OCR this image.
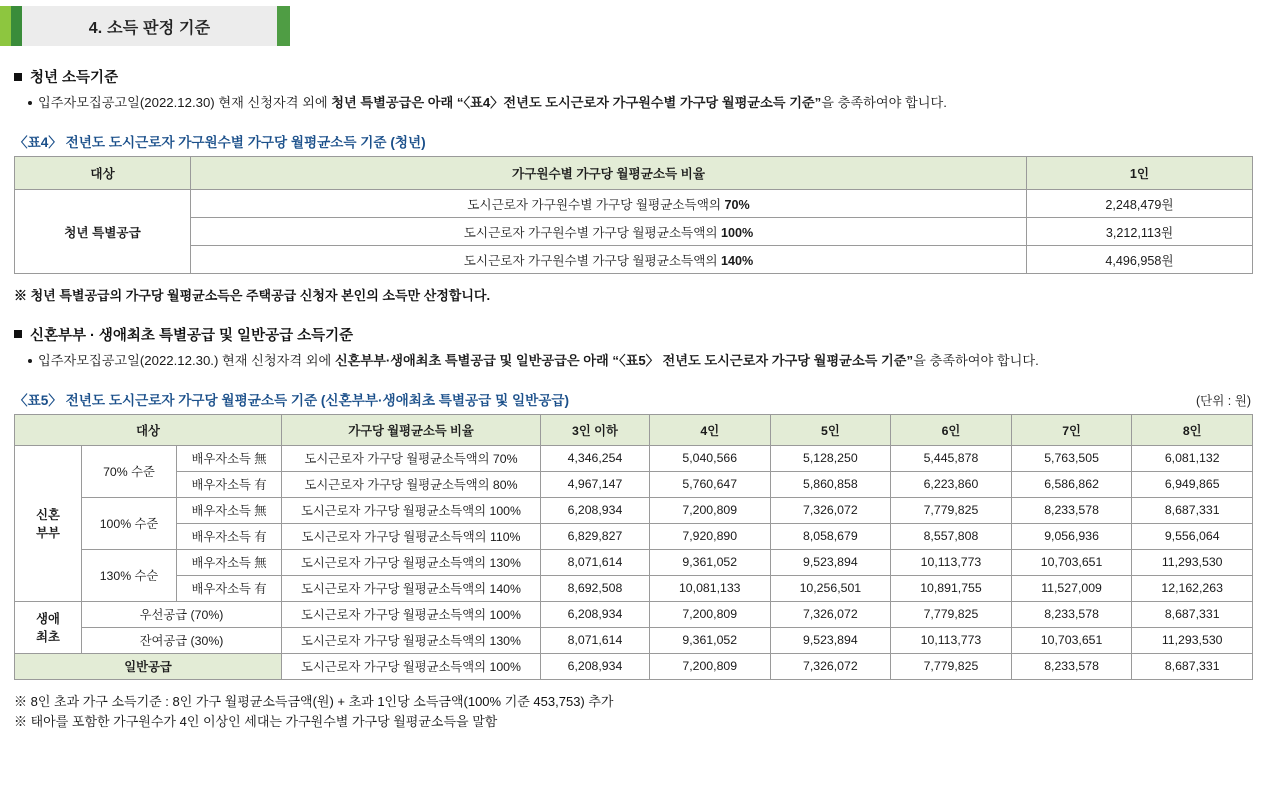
4. 소득 판정 기준
청년 소득기준
입주자모집공고일(2022.12.30) 현재 신청자격 외에 청년 특별공급은 아래 “〈표4〉전년도 도시근로자 가구원수별 가구당 월평균소득 기준”을 충족하여야 합니다.
〈표4〉 전년도 도시근로자 가구원수별 가구당 월평균소득 기준 (청년)
대상	가구원수별 가구당 월평균소득 비율	1인
청년 특별공급	도시근로자 가구원수별 가구당 월평균소득액의 70%	2,248,479원
	도시근로자 가구원수별 가구당 월평균소득액의 100%	3,212,113원
	도시근로자 가구원수별 가구당 월평균소득액의 140%	4,496,958원
※ 청년 특별공급의 가구당 월평균소득은 주택공급 신청자 본인의 소득만 산정합니다.
신혼부부 · 생애최초 특별공급 및 일반공급 소득기준
입주자모집공고일(2022.12.30.) 현재 신청자격 외에 신혼부부·생애최초 특별공급 및 일반공급은 아래 “〈표5〉 전년도 도시근로자 가구당 월평균소득 기준”을 충족하여야 합니다.
〈표5〉 전년도 도시근로자 가구당 월평균소득 기준 (신혼부부·생애최초 특별공급 및 일반공급)	(단위 : 원)
대상			가구당 월평균소득 비율	3인 이하	4인	5인	6인	7인	8인
신혼
부부	70% 수준	배우자소득 無	도시근로자 가구당 월평균소득액의 70%	4,346,254	5,040,566	5,128,250	5,445,878	5,763,505	6,081,132
		배우자소득 有	도시근로자 가구당 월평균소득액의 80%	4,967,147	5,760,647	5,860,858	6,223,860	6,586,862	6,949,865
	100% 수준	배우자소득 無	도시근로자 가구당 월평균소득액의 100%	6,208,934	7,200,809	7,326,072	7,779,825	8,233,578	8,687,331
		배우자소득 有	도시근로자 가구당 월평균소득액의 110%	6,829,827	7,920,890	8,058,679	8,557,808	9,056,936	9,556,064
	130% 수순	배우자소득 無	도시근로자 가구당 월평균소득액의 130%	8,071,614	9,361,052	9,523,894	10,113,773	10,703,651	11,293,530
		배우자소득 有	도시근로자 가구당 월평균소득액의 140%	8,692,508	10,081,133	10,256,501	10,891,755	11,527,009	12,162,263
생애
최초	우선공급 (70%)		도시근로자 가구당 월평균소득액의 100%	6,208,934	7,200,809	7,326,072	7,779,825	8,233,578	8,687,331
	잔여공급 (30%)		도시근로자 가구당 월평균소득액의 130%	8,071,614	9,361,052	9,523,894	10,113,773	10,703,651	11,293,530
일반공급			도시근로자 가구당 월평균소득액의 100%	6,208,934	7,200,809	7,326,072	7,779,825	8,233,578	8,687,331
※ 8인 초과 가구 소득기준 : 8인 가구 월평균소득금액(원) + 초과 1인당 소득금액(100% 기준 453,753) 추가
※ 태아를 포함한 가구원수가 4인 이상인 세대는 가구원수별 가구당 월평균소득을 말함
